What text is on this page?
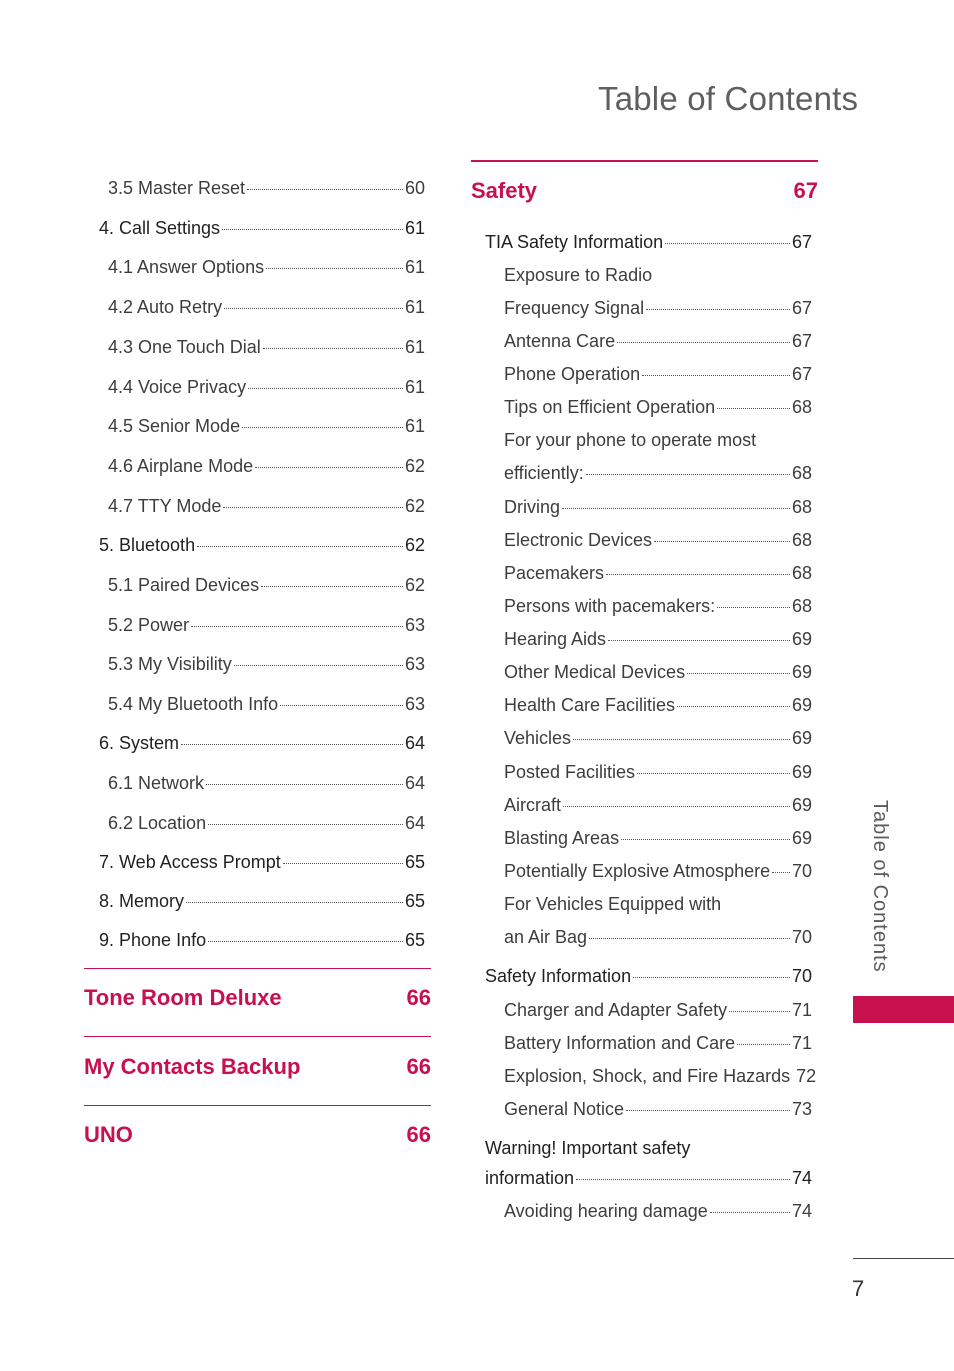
Table of Contents
3.5 Master Reset	60
4. Call Settings	61
4.1 Answer Options	61
4.2 Auto Retry	61
4.3 One Touch Dial	61
4.4 Voice Privacy	61
4.5 Senior Mode	61
4.6 Airplane Mode	62
4.7 TTY Mode	62
5. Bluetooth	62
5.1 Paired Devices	62
5.2 Power	63
5.3 My Visibility	63
5.4 My Bluetooth Info	63
6. System	64
6.1 Network	64
6.2 Location	64
7. Web Access Prompt	65
8. Memory	65
9. Phone Info	65
Tone Room Deluxe	66
My Contacts Backup	66
UNO	66
Safety	67
TIA Safety Information	67
Exposure to Radio
Frequency Signal	67
Antenna Care	67
Phone Operation	67
Tips on Efficient Operation	68
For your phone to operate most
efficiently:	68
Driving	68
Electronic Devices	68
Pacemakers	68
Persons with pacemakers:	68
Hearing Aids	69
Other Medical Devices	69
Health Care Facilities	69
Vehicles	69
Posted Facilities	69
Aircraft	69
Blasting Areas	69
Potentially Explosive Atmosphere 70
For Vehicles Equipped with
an Air Bag	70
Safety Information	70
Charger and Adapter Safety	71
Battery Information and Care	71
Explosion, Shock, and Fire Hazards 72
General Notice	73
Warning! Important safety
information	74
Avoiding hearing damage	74
Table of Contents
7
